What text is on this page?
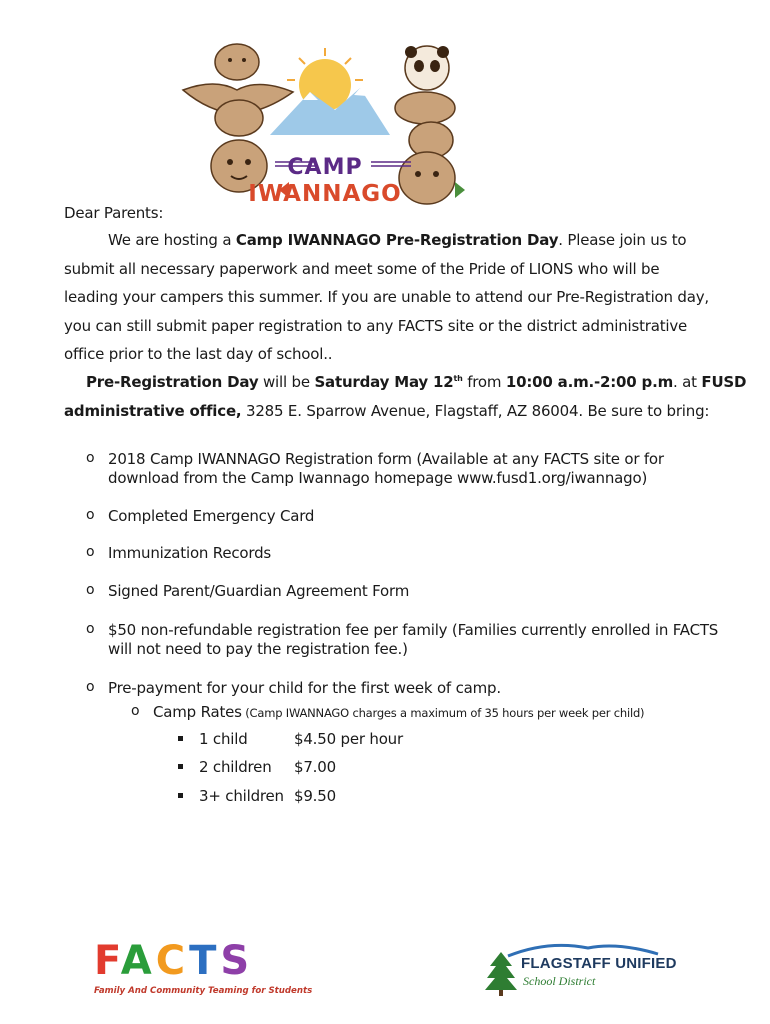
CAMP
IWANNAGO
Dear Parents:
We are hosting a Camp IWANNAGO Pre-Registration Day. Please join us to
submit all necessary paperwork and meet some of the Pride of LIONS who will be
leading your campers this summer. If you are unable to attend our Pre-Registration day,
you can still submit paper registration to any FACTS site or the district administrative
office prior to the last day of school..
Pre-Registration Day will be Saturday May 12th from 10:00 a.m.-2:00 p.m. at FUSD
administrative office, 3285 E. Sparrow Avenue, Flagstaff, AZ 86004. Be sure to bring:
o 2018 Camp IWANNAGO Registration form (Available at any FACTS site or for
download from the Camp Iwannago homepage www.fusd1.org/iwannago)
o Completed Emergency Card
o Immunization Records
o Signed Parent/Guardian Agreement Form
o $50 non-refundable registration fee per family (Families currently enrolled in FACTS
will not need to pay the registration fee.)
o Pre-payment for your child for the first week of camp.
o Camp Rates (Camp IWANNAGO charges a maximum of 35 hours per week per child)
1 child	$4.50 per hour
2 children $7.00
3+ children $9.50
FACTS
Family And Community Teaming for Students
FLAGSTAFF UNIFIED
School District
